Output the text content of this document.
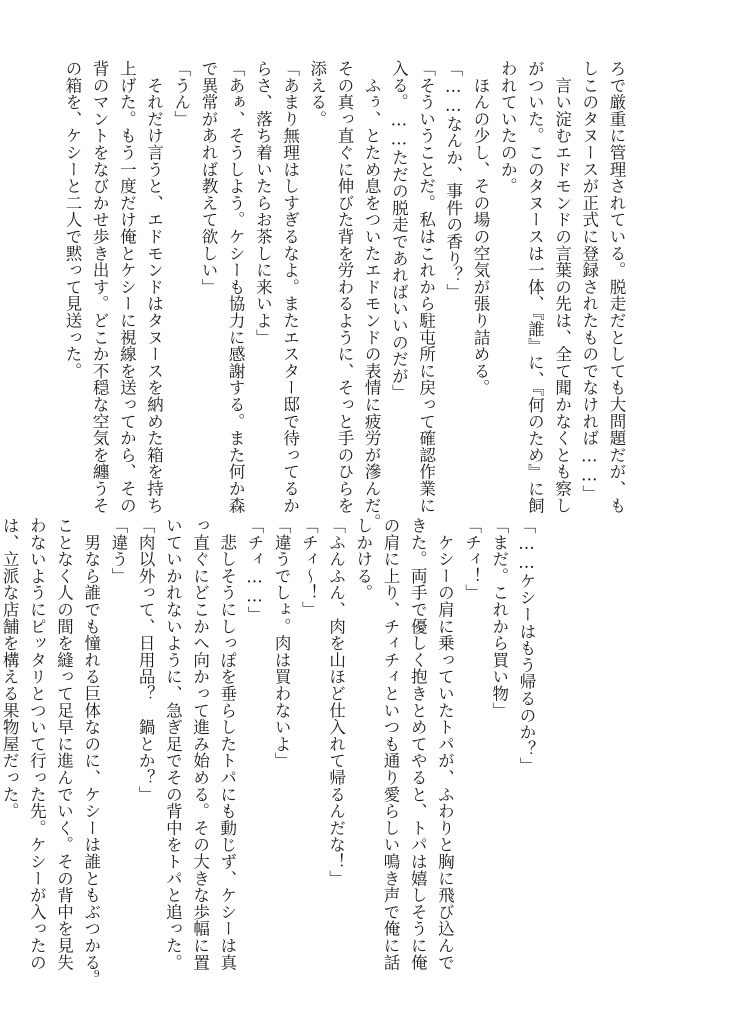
ろで厳重に管理されている。脱走だとしても大問題だが、も
しこのタヌースが正式に登録されたものでなければ……」
　言い淀むエドモンドの言葉の先は、全て聞かなくとも察し
がついた。このタヌースは一体、『誰』に、『何のため』に飼
われていたのか。
　ほんの少し、その場の空気が張り詰める。
「……なんか、事件の香り？」
「そういうことだ。私はこれから駐屯所に戻って確認作業に
入る。……ただの脱走であればいいのだが」
　ふぅ、とため息をついたエドモンドの表情に疲労が滲んだ。
その真っ直ぐに伸びた背を労わるように、そっと手のひらを
添える。
「あまり無理はしすぎるなよ。またエスター邸で待ってるか
らさ、落ち着いたらお茶しに来いよ」
「あぁ、そうしよう。ケシーも協力に感謝する。また何か森
で異常があれば教えて欲しい」
「うん」
　それだけ言うと、エドモンドはタヌースを納めた箱を持ち
上げた。もう一度だけ俺とケシーに視線を送ってから、その
背のマントをなびかせ歩き出す。どこか不穏な空気を纏うそ
の箱を、ケシーと二人で黙って見送った。
「……ケシーはもう帰るのか？」
「まだ。これから買い物」
「チィ！」
　ケシーの肩に乗っていたトパが、ふわりと胸に飛び込んで
きた。両手で優しく抱きとめてやると、トパは嬉しそうに俺
の肩に上り、チィチィといつも通り愛らしい鳴き声で俺に話
しかける。
「ふんふん、肉を山ほど仕入れて帰るんだな！」
「チィ〜！」
「違うでしょ。肉は買わないよ」
「チィ……」
　悲しそうにしっぽを垂らしたトパにも動じず、ケシーは真
っ直ぐにどこかへ向かって進み始める。その大きな歩幅に置
いていかれないように、急ぎ足でその背中をトパと追った。
「肉以外って、日用品？　鍋とか？」
「違う」
　男なら誰でも憧れる巨体なのに、ケシーは誰ともぶつかる
ことなく人の間を縫って足早に進んでいく。その背中を見失
わないようにピッタリとついて行った先。ケシーが入ったの
は、立派な店舗を構える果物屋だった。
9
